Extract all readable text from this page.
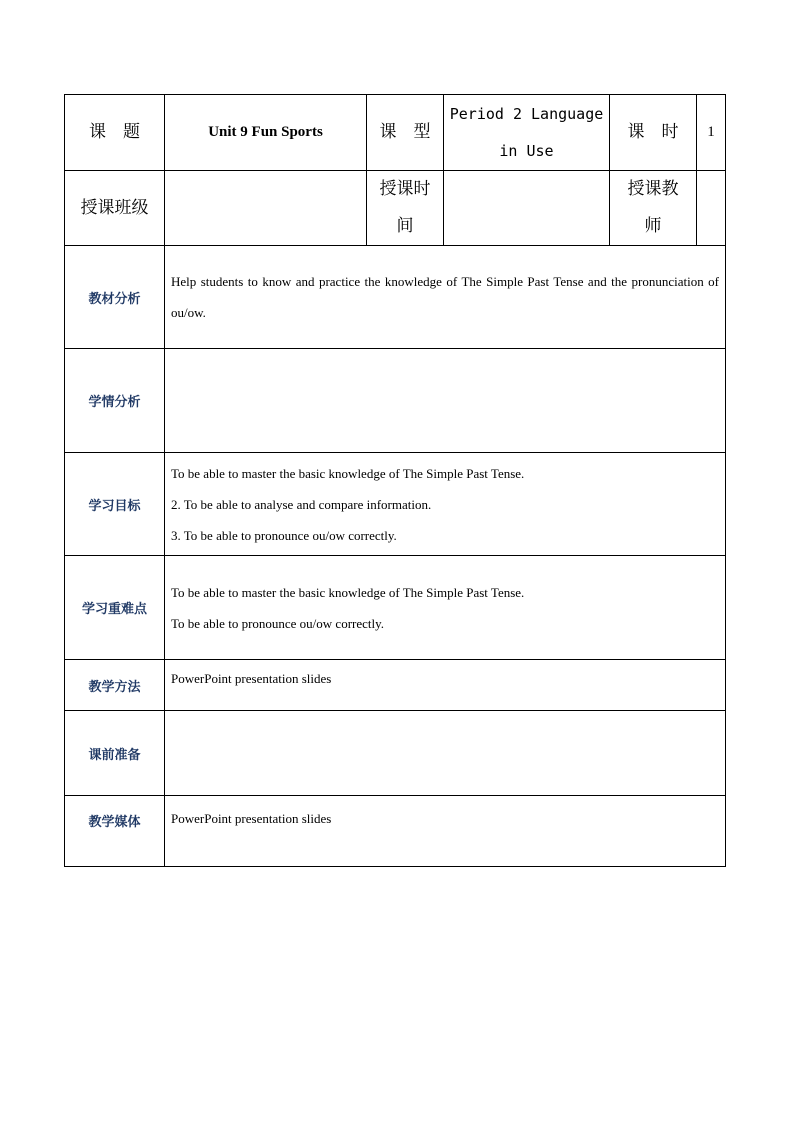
课　题	Unit 9 Fun Sports	课　型	Period 2 Language in Use	课　时	1
授课班级		授课时间		授课教师	
教材分析	Help students to know and practice the knowledge of The Simple Past Tense and the pronunciation of ou/ow.				

学情分析					
学习目标	To be able to master the basic knowledge of The Simple Past Tense.
2. To be able to analyse and compare information.
3. To be able to pronounce ou/ow correctly.				

学习重难点	To be able to master the basic knowledge of The Simple Past Tense.
To be able to pronounce ou/ow correctly.				

教学方法	PowerPoint presentation slides				

课前准备					
教学媒体	PowerPoint presentation slides				
